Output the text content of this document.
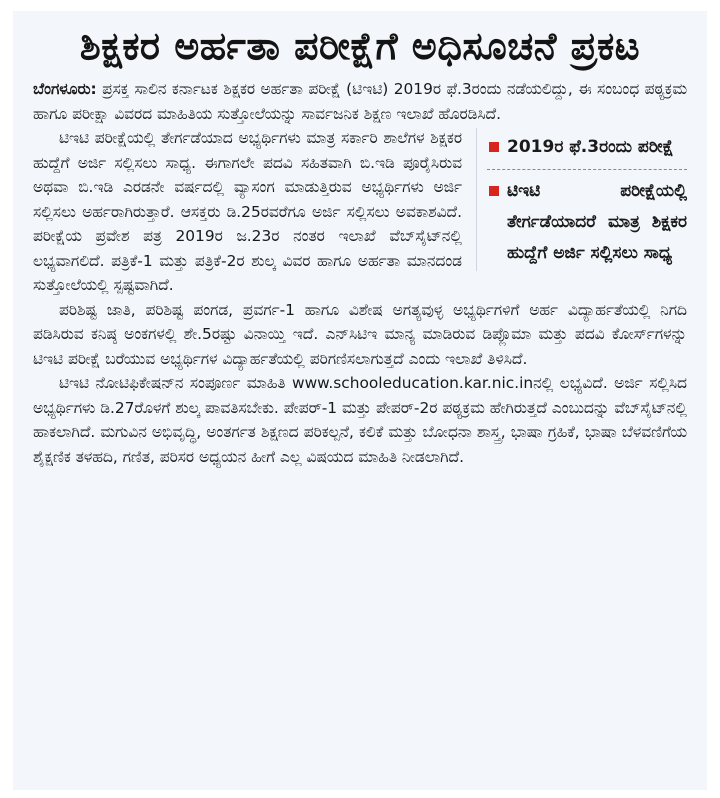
ಶಿಕ್ಷಕರ ಅರ್ಹತಾ ಪರೀಕ್ಷೆಗೆ ಅಧಿಸೂಚನೆ ಪ್ರಕಟ

ಬೆಂಗಳೂರು: ಪ್ರಸಕ್ತ ಸಾಲಿನ ಕರ್ನಾಟಕ ಶಿಕ್ಷಕರ ಅರ್ಹತಾ ಪರೀಕ್ಷೆ (ಟಿಇಟಿ) 2019ರ ಫೆ.3ರಂದು ನಡೆಯಲಿದ್ದು, ಈ ಸಂಬಂಧ ಪಠ್ಯಕ್ರಮ ಹಾಗೂ ಪರೀಕ್ಷಾ ವಿವರದ ಮಾಹಿತಿಯ ಸುತ್ತೋಲೆಯನ್ನು ಸಾರ್ವಜನಿಕ ಶಿಕ್ಷಣ ಇಲಾಖೆ ಹೊರಡಿಸಿದೆ.

2019ರ ಫೆ.3ರಂದು ಪರೀಕ್ಷೆ
ಟಿಇಟಿ ಪರೀಕ್ಷೆಯಲ್ಲಿ ತೇರ್ಗಡೆಯಾದರೆ ಮಾತ್ರ ಶಿಕ್ಷಕರ ಹುದ್ದೆಗೆ ಅರ್ಜಿ ಸಲ್ಲಿಸಲು ಸಾಧ್ಯ

ಟಿಇಟಿ ಪರೀಕ್ಷೆಯಲ್ಲಿ ತೇರ್ಗಡೆಯಾದ ಅಭ್ಯರ್ಥಿಗಳು ಮಾತ್ರ ಸರ್ಕಾರಿ ಶಾಲೆಗಳ ಶಿಕ್ಷಕರ ಹುದ್ದೆಗೆ ಅರ್ಜಿ ಸಲ್ಲಿಸಲು ಸಾಧ್ಯ. ಈಗಾಗಲೇ ಪದವಿ ಸಹಿತವಾಗಿ ಬಿ.ಇಡಿ ಪೂರೈಸಿರುವ ಅಥವಾ ಬಿ.ಇಡಿ ಎರಡನೇ ವರ್ಷದಲ್ಲಿ ವ್ಯಾಸಂಗ ಮಾಡುತ್ತಿರುವ ಅಭ್ಯರ್ಥಿಗಳು ಅರ್ಜಿ ಸಲ್ಲಿಸಲು ಅರ್ಹರಾಗಿರುತ್ತಾರೆ. ಆಸಕ್ತರು ಡಿ.25ರವರೆಗೂ ಅರ್ಜಿ ಸಲ್ಲಿಸಲು ಅವಕಾಶವಿದೆ. ಪರೀಕ್ಷೆಯ ಪ್ರವೇಶ ಪತ್ರ 2019ರ ಜ.23ರ ನಂತರ ಇಲಾಖೆ ವೆಬ್‌ಸೈಟ್‌ನಲ್ಲಿ ಲಭ್ಯವಾಗಲಿದೆ. ಪತ್ರಿಕೆ-1 ಮತ್ತು ಪತ್ರಿಕೆ-2ರ ಶುಲ್ಕ ವಿವರ ಹಾಗೂ ಅರ್ಹತಾ ಮಾನದಂಡ ಸುತ್ತೋಲೆಯಲ್ಲಿ ಸ್ಪಷ್ಟವಾಗಿದೆ.

ಪರಿಶಿಷ್ಟ ಜಾತಿ, ಪರಿಶಿಷ್ಟ ಪಂಗಡ, ಪ್ರವರ್ಗ-1 ಹಾಗೂ ವಿಶೇಷ ಅಗತ್ಯವುಳ್ಳ ಅಭ್ಯರ್ಥಿಗಳಿಗೆ ಅರ್ಹ ವಿದ್ಯಾರ್ಹತೆಯಲ್ಲಿ ನಿಗದಿ ಪಡಿಸಿರುವ ಕನಿಷ್ಠ ಅಂಕಗಳಲ್ಲಿ ಶೇ.5ರಷ್ಟು ವಿನಾಯ್ತಿ ಇದೆ. ಎನ್‌ಸಿಟಿಇ ಮಾನ್ಯ ಮಾಡಿರುವ ಡಿಪ್ಲೊಮಾ ಮತ್ತು ಪದವಿ ಕೋರ್ಸ್‌ಗಳನ್ನು ಟಿಇಟಿ ಪರೀಕ್ಷೆ ಬರೆಯುವ ಅಭ್ಯರ್ಥಿಗಳ ವಿದ್ಯಾರ್ಹತೆಯಲ್ಲಿ ಪರಿಗಣಿಸಲಾಗುತ್ತದೆ ಎಂದು ಇಲಾಖೆ ತಿಳಿಸಿದೆ.

ಟಿಇಟಿ ನೋಟಿಫಿಕೇಷನ್‌ನ ಸಂಪೂರ್ಣ ಮಾಹಿತಿ www.schooleducation.kar.nic.inನಲ್ಲಿ ಲಭ್ಯವಿದೆ. ಅರ್ಜಿ ಸಲ್ಲಿಸಿದ ಅಭ್ಯರ್ಥಿಗಳು ಡಿ.27ರೊಳಗೆ ಶುಲ್ಕ ಪಾವತಿಸಬೇಕು. ಪೇಪರ್-1 ಮತ್ತು ಪೇಪರ್-2ರ ಪಠ್ಯಕ್ರಮ ಹೇಗಿರುತ್ತದೆ ಎಂಬುದನ್ನು ವೆಬ್‌ಸೈಟ್‌ನಲ್ಲಿ ಹಾಕಲಾಗಿದೆ. ಮಗುವಿನ ಅಭಿವೃದ್ಧಿ, ಅಂತರ್ಗತ ಶಿಕ್ಷಣದ ಪರಿಕಲ್ಪನೆ, ಕಲಿಕೆ ಮತ್ತು ಬೋಧನಾ ಶಾಸ್ತ್ರ, ಭಾಷಾ ಗ್ರಹಿಕೆ, ಭಾಷಾ ಬೆಳವಣಿಗೆಯ ಶೈಕ್ಷಣಿಕ ತಳಹದಿ, ಗಣಿತ, ಪರಿಸರ ಅಧ್ಯಯನ ಹೀಗೆ ಎಲ್ಲ ವಿಷಯದ ಮಾಹಿತಿ ನೀಡಲಾಗಿದೆ.
